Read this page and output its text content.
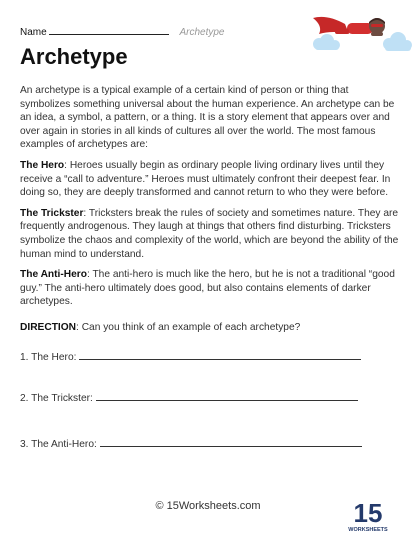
Name	Archetype
Archetype

An archetype is a typical example of a certain kind of person or thing that symbolizes something universal about the human experience. An archetype can be an idea, a symbol, a pattern, or a thing. It is a story element that appears over and over again in stories in all kinds of cultures all over the world. The most famous examples of archetypes are:

The Hero: Heroes usually begin as ordinary people living ordinary lives until they receive a “call to adventure.” Heroes must ultimately confront their deepest fear. In doing so, they are deeply transformed and cannot return to who they were before.

The Trickster: Tricksters break the rules of society and sometimes nature. They are frequently androgenous. They laugh at things that others find disturbing. Tricksters symbolize the chaos and complexity of the world, which are beyond the ability of the human mind to understand.

The Anti-Hero: The anti-hero is much like the hero, but he is not a traditional “good guy.” The anti-hero ultimately does good, but also contains elements of darker archetypes.

DIRECTION: Can you think of an example of each archetype?

1. The Hero:
2. The Trickster:
3. The Anti-Hero:
© 15Worksheets.com	15
WORKSHEETS
